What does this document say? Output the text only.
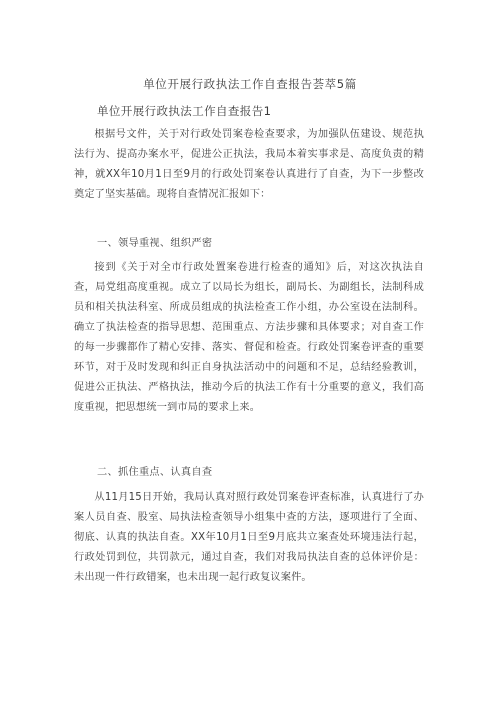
单位开展行政执法工作自查报告荟萃5篇
单位开展行政执法工作自查报告1

根据号文件，关于对行政处罚案卷检查要求，为加强队伍建设、规范执法行为、提高办案水平，促进公正执法，我局本着实事求是、高度负责的精神，就XX年10月1日至9月的行政处罚案卷认真进行了自查，为下一步整改奠定了坚实基础。现将自查情况汇报如下：

一、领导重视、组织严密

接到《关于对全市行政处置案卷进行检查的通知》后，对这次执法自查，局党组高度重视。成立了以局长为组长，副局长、为副组长，法制科成员和相关执法科室、所成员组成的执法检查工作小组，办公室设在法制科。确立了执法检查的指导思想、范围重点、方法步骤和具体要求；对自查工作的每一步骤都作了精心安排、落实、督促和检查。行政处罚案卷评查的重要环节，对于及时发现和纠正自身执法活动中的问题和不足，总结经验教训，促进公正执法、严格执法，推动今后的执法工作有十分重要的意义，我们高度重视，把思想统一到市局的要求上来。

二、抓住重点、认真自查

从11月15日开始，我局认真对照行政处罚案卷评查标准，认真进行了办案人员自查、股室、局执法检查领导小组集中查的方法，逐项进行了全面、彻底、认真的执法自查。XX年10月1日至9月底共立案查处环境违法行起，行政处罚到位，共罚款元，通过自查，我们对我局执法自查的总体评价是：未出现一件行政错案，也未出现一起行政复议案件。
